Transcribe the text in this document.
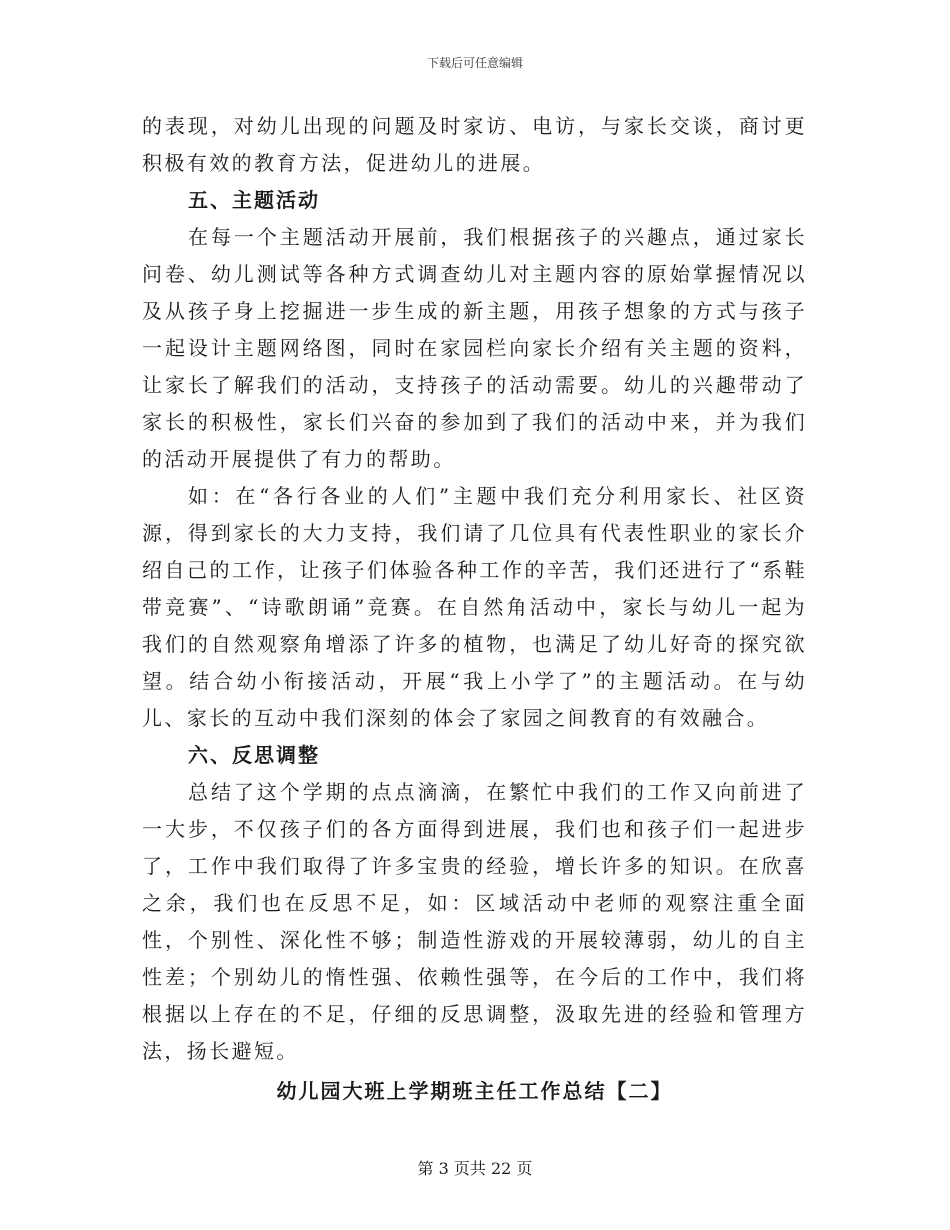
下载后可任意编辑

的表现，对幼儿出现的问题及时家访、电访，与家长交谈，商讨更积极有效的教育方法，促进幼儿的进展。

五、主题活动

在每一个主题活动开展前，我们根据孩子的兴趣点，通过家长问卷、幼儿测试等各种方式调查幼儿对主题内容的原始掌握情况以及从孩子身上挖掘进一步生成的新主题，用孩子想象的方式与孩子一起设计主题网络图，同时在家园栏向家长介绍有关主题的资料，让家长了解我们的活动，支持孩子的活动需要。幼儿的兴趣带动了家长的积极性，家长们兴奋的参加到了我们的活动中来，并为我们的活动开展提供了有力的帮助。

如：在“各行各业的人们”主题中我们充分利用家长、社区资源，得到家长的大力支持，我们请了几位具有代表性职业的家长介绍自己的工作，让孩子们体验各种工作的辛苦，我们还进行了“系鞋带竞赛”、“诗歌朗诵”竞赛。在自然角活动中，家长与幼儿一起为我们的自然观察角增添了许多的植物，也满足了幼儿好奇的探究欲望。结合幼小衔接活动，开展“我上小学了”的主题活动。在与幼儿、家长的互动中我们深刻的体会了家园之间教育的有效融合。

六、反思调整

总结了这个学期的点点滴滴，在繁忙中我们的工作又向前进了一大步，不仅孩子们的各方面得到进展，我们也和孩子们一起进步了，工作中我们取得了许多宝贵的经验，增长许多的知识。在欣喜之余，我们也在反思不足，如：区域活动中老师的观察注重全面性，个别性、深化性不够；制造性游戏的开展较薄弱，幼儿的自主性差；个别幼儿的惰性强、依赖性强等，在今后的工作中，我们将根据以上存在的不足，仔细的反思调整，汲取先进的经验和管理方法，扬长避短。

幼儿园大班上学期班主任工作总结【二】
第 3 页共 22 页
